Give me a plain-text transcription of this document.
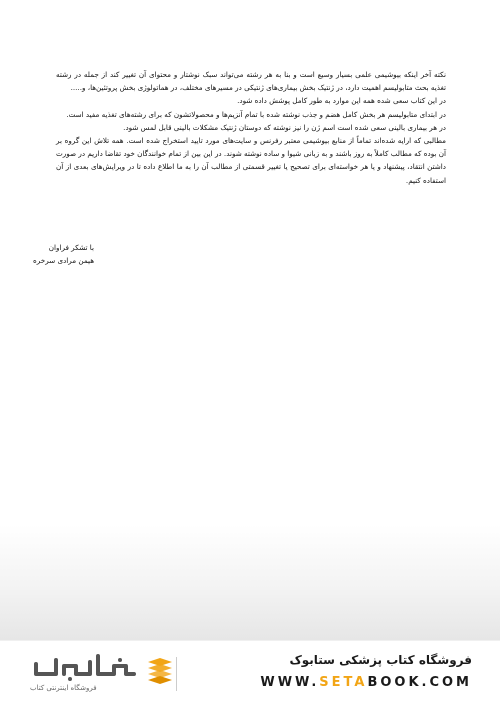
نکته آخر اینکه بیوشیمی علمی بسیار وسیع است و بنا به هر رشته می‌تواند سبک نوشتار و محتوای آن تغییر کند از جمله در رشته تغذیه بحث متابولیسم اهمیت دارد، در ژنتیک بخش بیماری‌های ژنتیکی در مسیرهای مختلف، در هماتولوژی بخش پروتئین‌ها، و.....

در این کتاب سعی شده همه این موارد به طور کامل پوشش داده شود.

در ابتدای متابولیسم هر بخش کامل هضم و جذب نوشته شده با تمام آنزیم‌ها و محصولاتشون که برای رشته‌های تغذیه مفید است.

در هر بیماری بالینی سعی شده است اسم ژن را نیز نوشته که دوستان ژنتیک مشکلات بالینی قابل لمس شود.

مطالبی که ارایه شده‌اند تماماً از منابع بیوشیمی معتبر رفرنس و سایت‌های مورد تایید استخراج شده است. همه تلاش این گروه بر آن بوده که مطالب کاملاً به روز باشند و به زبانی شیوا و ساده نوشته شوند. در این بین از تمام خوانندگان خود تقاضا داریم در صورت داشتن انتقاد، پیشنهاد و یا هر خواسته‌ای برای تصحیح یا تغییر قسمتی از مطالب آن را به ما اطلاع داده تا در ویرایش‌های بعدی از آن استفاده کنیم.

با تشکر فراوان
هیمن مرادی سرخره
فروشگاه کتاب پزشکی ستابوک
WWW.SETABOOK.COM
فروشگاه اینترنتی کتاب
